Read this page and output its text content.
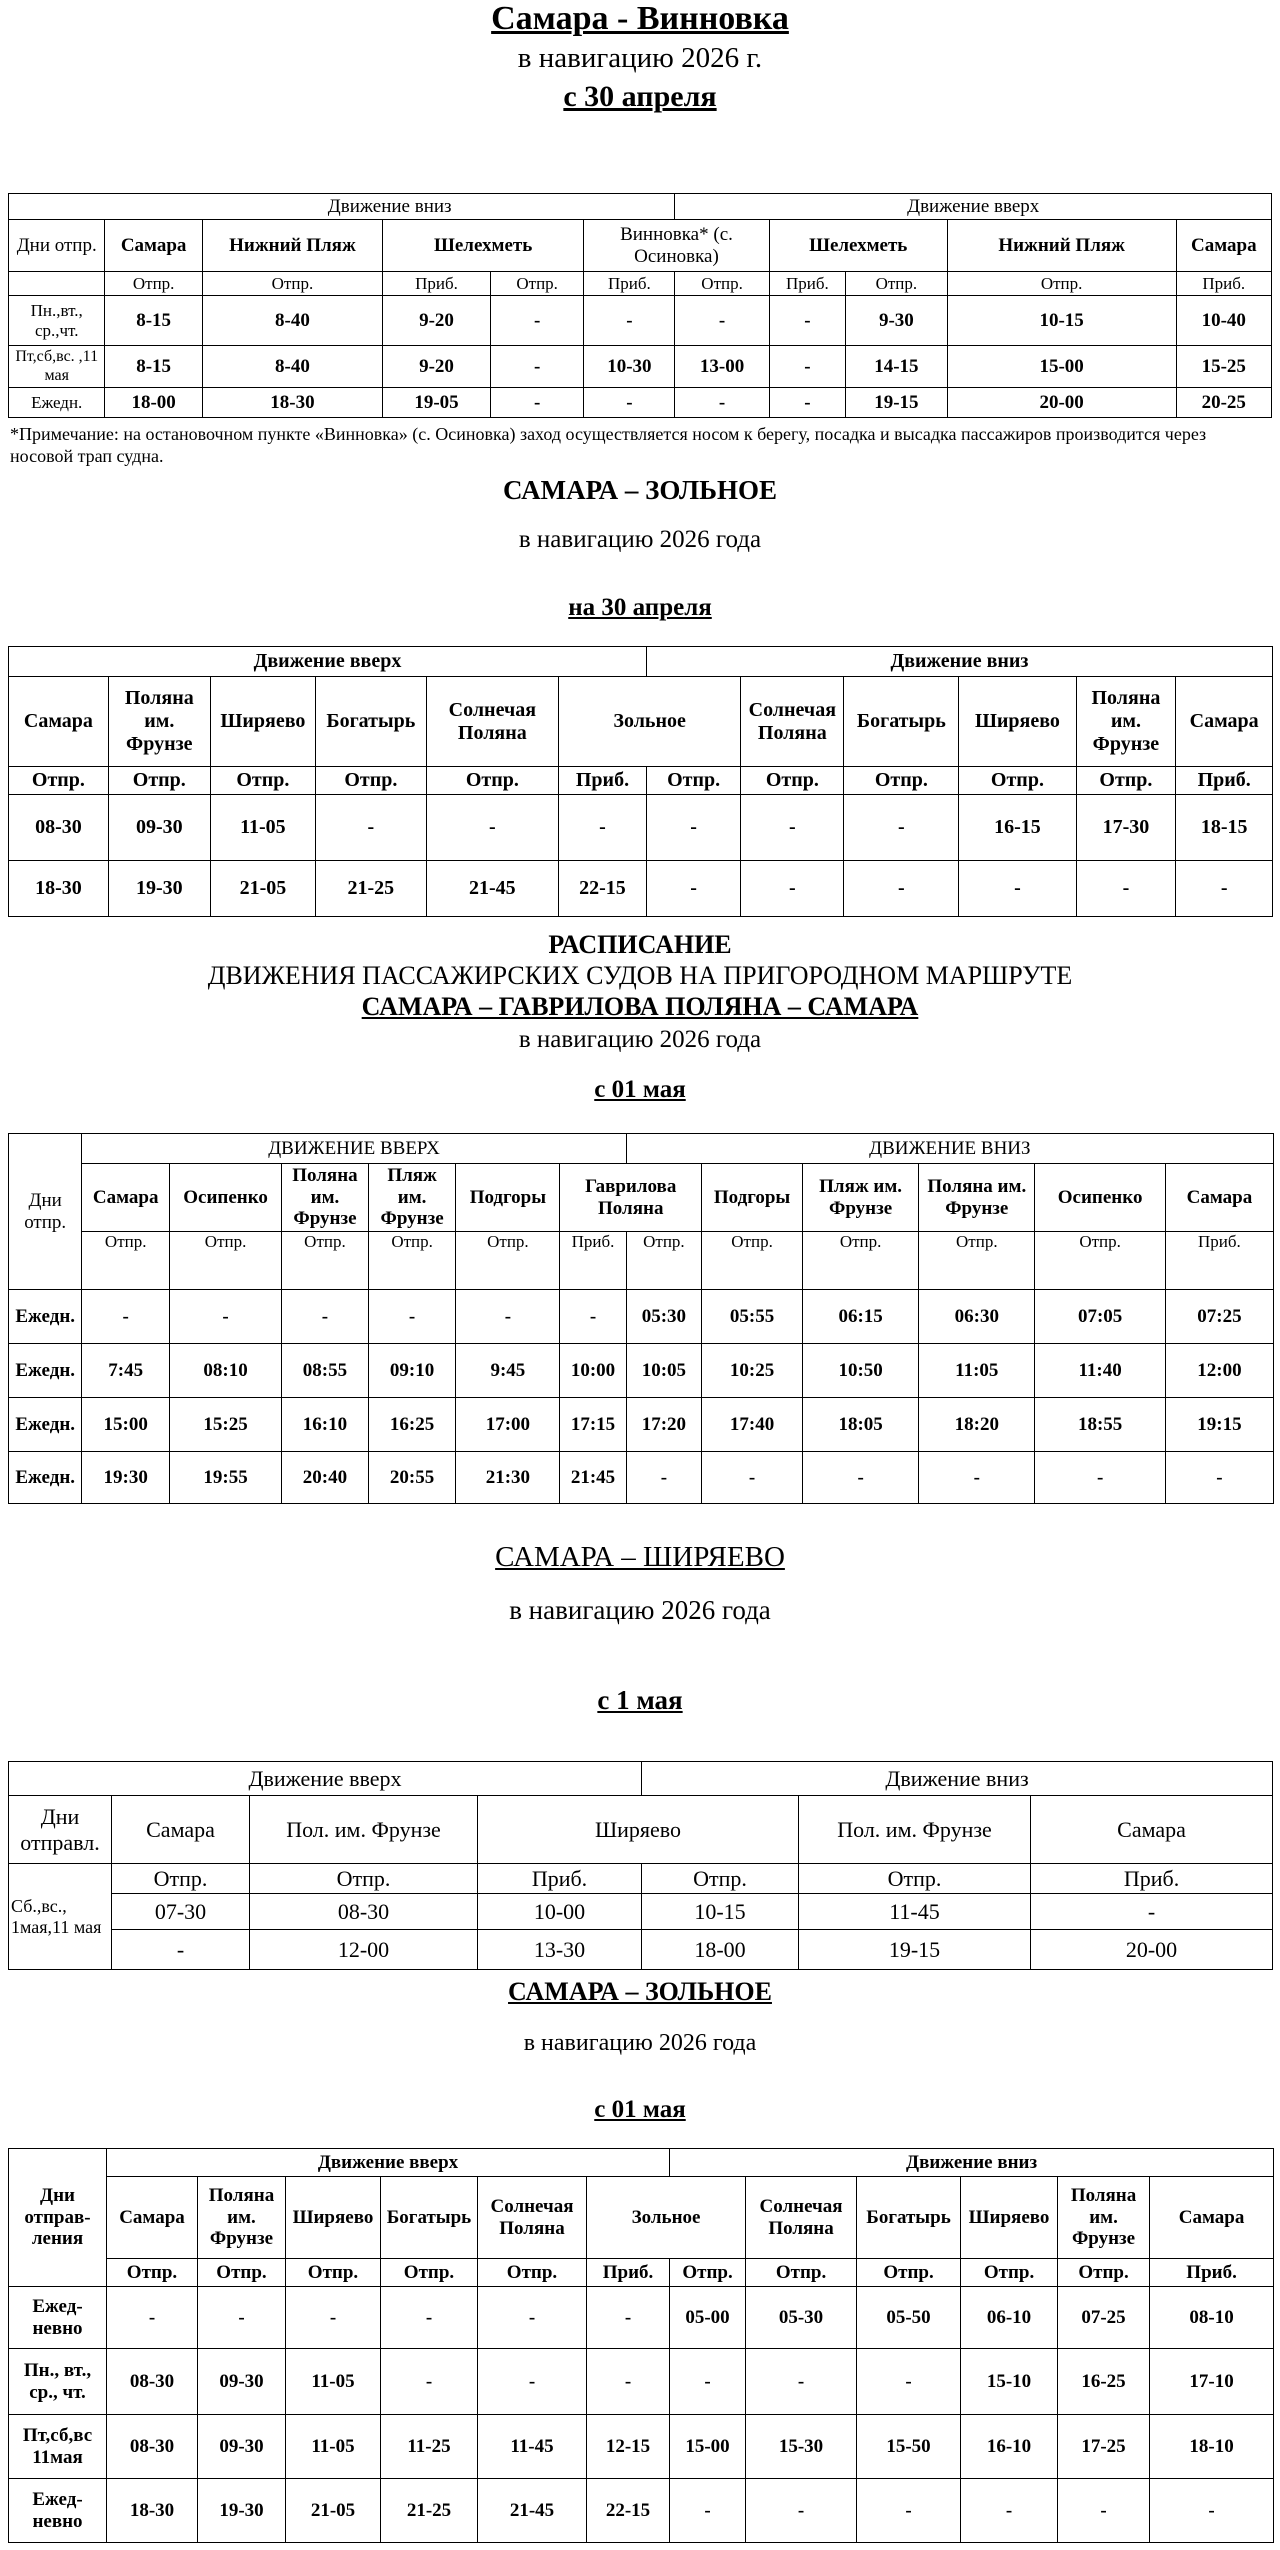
Самара - Винновка
в навигацию 2026 г.
с 30 апреля
	Движение вниз					Движение вверх				
Дни отпр.	Самара	Нижний Пляж	Шелехметь		Винновка* (с. Осиновка)		Шелехметь		Нижний Пляж	Самара
	Отпр.	Отпр.	Приб.	Отпр.	Приб.	Отпр.	Приб.	Отпр.	Отпр.	Приб.
Пн.,вт., ср.,чт.	8-15	8-40	9-20	-	-	-	-	9-30	10-15	10-40
Пт,сб,вс. ,11 мая	8-15	8-40	9-20	-	10-30	13-00	-	14-15	15-00	15-25
Ежедн.	18-00	18-30	19-05	-	-	-	-	19-15	20-00	20-25
*Примечание: на остановочном пункте «Винновка» (с. Осиновка) заход осуществляется носом к берегу, посадка и высадка пассажиров производится через носовой трап судна.
САМАРА – ЗОЛЬНОЕ
в навигацию 2026 года
на 30 апреля
Движение вверх						Движение вниз					
Самара	Поляна им. Фрунзе	Ширяево	Богатырь	Солнечая Поляна	Зольное		Солнечая Поляна	Богатырь	Ширяево	Поляна им. Фрунзе	Самара
Отпр.	Отпр.	Отпр.	Отпр.	Отпр.	Приб.	Отпр.	Отпр.	Отпр.	Отпр.	Отпр.	Приб.
08-30	09-30	11-05	-	-	-	-	-	-	16-15	17-30	18-15
18-30	19-30	21-05	21-25	21-45	22-15	-	-	-	-	-	-
РАСПИСАНИЕ
ДВИЖЕНИЯ ПАССАЖИРСКИХ СУДОВ НА ПРИГОРОДНОМ МАРШРУТЕ
САМАРА – ГАВРИЛОВА ПОЛЯНА – САМАРА
в навигацию 2026 года
с 01 мая
Дни отпр.	ДВИЖЕНИЕ ВВЕРХ						ДВИЖЕНИЕ ВНИЗ					
	Самара	Осипенко	Поляна им. Фрунзе	Пляж им. Фрунзе	Подгоры	Гаврилова Поляна		Подгоры	Пляж им. Фрунзе	Поляна им. Фрунзе	Осипенко	Самара
	Отпр.	Отпр.	Отпр.	Отпр.	Отпр.	Приб.	Отпр.	Отпр.	Отпр.	Отпр.	Отпр.	Приб.
Ежедн.	-	-	-	-	-	-	05:30	05:55	06:15	06:30	07:05	07:25
Ежедн.	7:45	08:10	08:55	09:10	9:45	10:00	10:05	10:25	10:50	11:05	11:40	12:00
Ежедн.	15:00	15:25	16:10	16:25	17:00	17:15	17:20	17:40	18:05	18:20	18:55	19:15
Ежедн.	19:30	19:55	20:40	20:55	21:30	21:45	-	-	-	-	-	-
САМАРА – ШИРЯЕВО
в навигацию 2026 года
с 1 мая
Движение вверх				Движение вниз		
Дни отправл.	Самара	Пол. им. Фрунзе	Ширяево		Пол. им. Фрунзе	Самара
Сб.,вс., 1мая,11 мая	Отпр.	Отпр.	Приб.	Отпр.	Отпр.	Приб.
	07-30	08-30	10-00	10-15	11-45	-
	-	12-00	13-30	18-00	19-15	20-00
САМАРА – ЗОЛЬНОЕ
в навигацию 2026 года
с 01 мая
Дни отправ-ления	Движение вверх						Движение вниз					
	Самара	Поляна им. Фрунзе	Ширяево	Богатырь	Солнечая Поляна	Зольное		Солнечая Поляна	Богатырь	Ширяево	Поляна им. Фрунзе	Самара
	Отпр.	Отпр.	Отпр.	Отпр.	Отпр.	Приб.	Отпр.	Отпр.	Отпр.	Отпр.	Отпр.	Приб.
Ежед-невно	-	-	-	-	-	-	05-00	05-30	05-50	06-10	07-25	08-10
Пн., вт., ср., чт.	08-30	09-30	11-05	-	-	-	-	-	-	15-10	16-25	17-10
Пт,сб,вс 11мая	08-30	09-30	11-05	11-25	11-45	12-15	15-00	15-30	15-50	16-10	17-25	18-10
Ежед-невно	18-30	19-30	21-05	21-25	21-45	22-15	-	-	-	-	-	-
